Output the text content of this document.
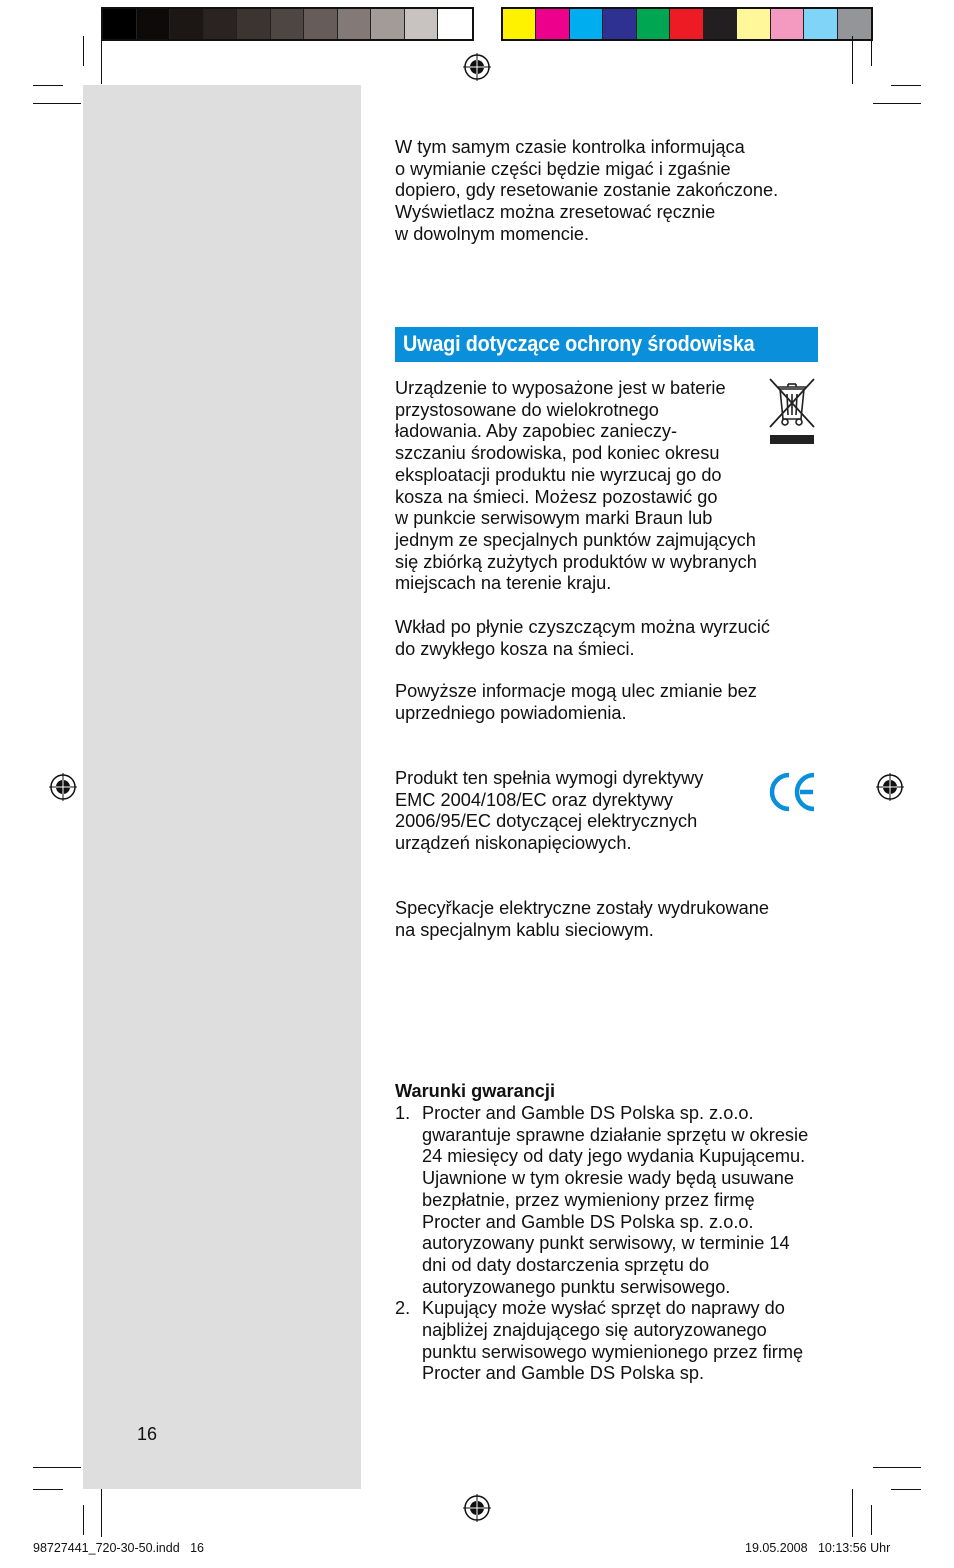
16
W tym samym czasie kontrolka informująca
o wymianie części będzie migać i zgaśnie
dopiero, gdy resetowanie zostanie zakończone.
Wyświetlacz można zresetować ręcznie
w dowolnym momencie.
Uwagi dotyczące ochrony środowiska
Urządzenie to wyposażone jest w baterie
przystosowane do wielokrotnego
ładowania. Aby zapobiec zanieczy-
szczaniu środowiska, pod koniec okresu
eksploatacji produktu nie wyrzucaj go do
kosza na śmieci. Możesz pozostawić go
w punkcie serwisowym marki Braun lub
jednym ze specjalnych punktów zajmujących
się zbiórką zużytych produktów w wybranych
miejscach na terenie kraju.
Wkład po płynie czyszczącym można wyrzucić
do zwykłego kosza na śmieci.
Powyższe informacje mogą ulec zmianie bez
uprzedniego powiadomienia.
Produkt ten spełnia wymogi dyrektywy
EMC 2004/108/EC oraz dyrektywy
2006/95/EC dotyczącej elektrycznych
urządzeń niskonapięciowych.
Specyřkacje elektryczne zostały wydrukowane
na specjalnym kablu sieciowym.
Warunki gwarancji
1. Procter and Gamble DS Polska sp. z.o.o. gwarantuje sprawne działanie sprzętu w okresie 24 miesięcy od daty jego wydania Kupującemu. Ujawnione w tym okresie wady będą usuwane bezpłatnie, przez wymieniony przez firmę Procter and Gamble DS Polska sp. z.o.o. autoryzowany punkt serwisowy, w terminie 14 dni od daty dostarczenia sprzętu do autoryzowanego punktu serwisowego.
2. Kupujący może wysłać sprzęt do naprawy do najbliżej znajdującego się autoryzowanego punktu serwisowego wymienionego przez firmę Procter and Gamble DS Polska sp.
98727441_720-30-50.indd   16	19.05.2008   10:13:56 Uhr
